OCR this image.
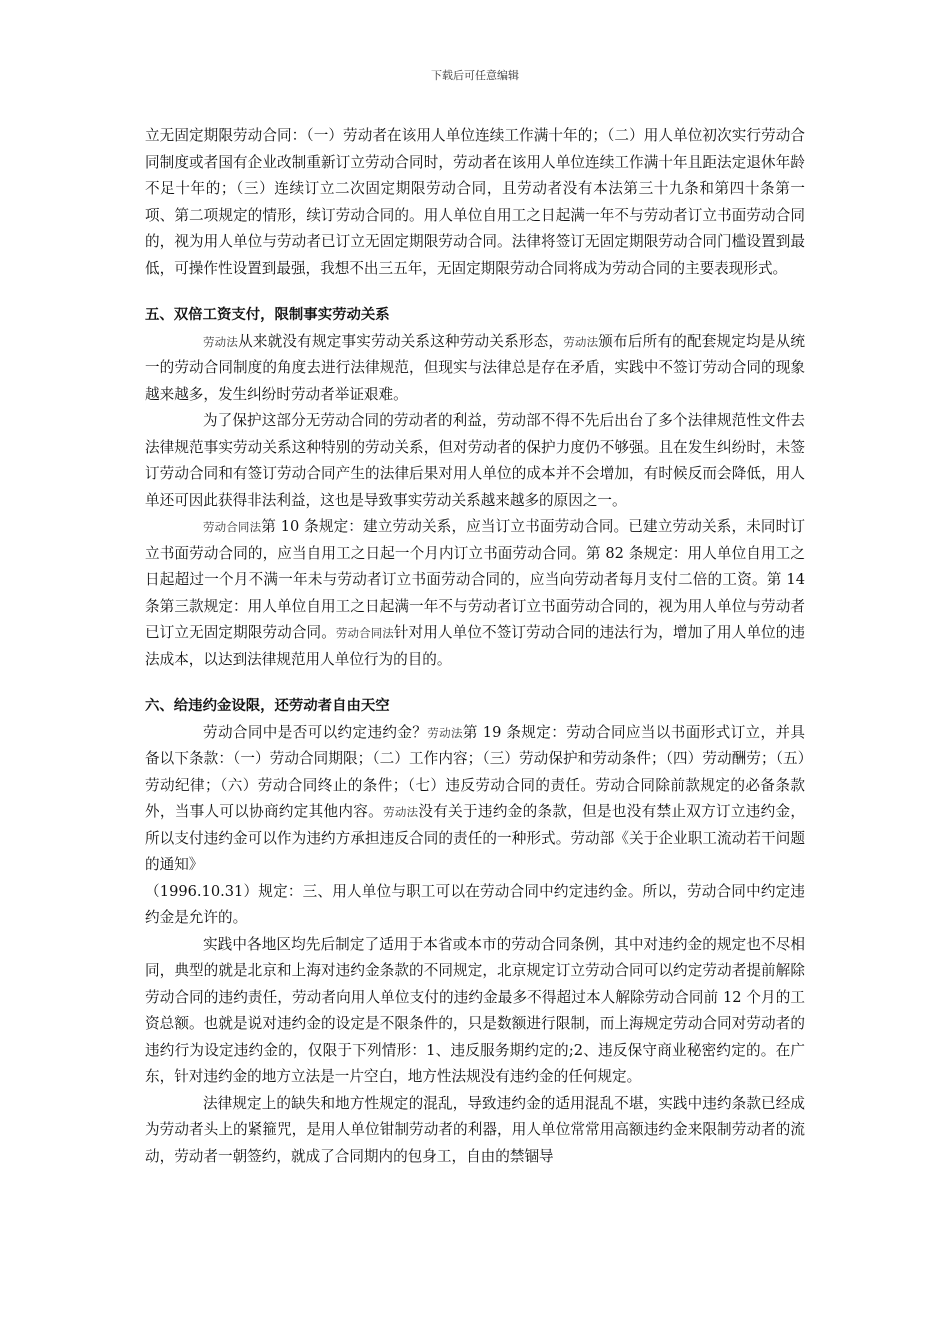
下载后可任意编辑

立无固定期限劳动合同：（一）劳动者在该用人单位连续工作满十年的；（二）用人单位初次实行劳动合同制度或者国有企业改制重新订立劳动合同时，劳动者在该用人单位连续工作满十年且距法定退休年龄不足十年的；（三）连续订立二次固定期限劳动合同，且劳动者没有本法第三十九条和第四十条第一项、第二项规定的情形，续订劳动合同的。用人单位自用工之日起满一年不与劳动者订立书面劳动合同的，视为用人单位与劳动者已订立无固定期限劳动合同。法律将签订无固定期限劳动合同门槛设置到最低，可操作性设置到最强，我想不出三五年，无固定期限劳动合同将成为劳动合同的主要表现形式。

五、双倍工资支付，限制事实劳动关系

劳动法从来就没有规定事实劳动关系这种劳动关系形态，劳动法颁布后所有的配套规定均是从统一的劳动合同制度的角度去进行法律规范，但现实与法律总是存在矛盾，实践中不签订劳动合同的现象越来越多，发生纠纷时劳动者举证艰难。

为了保护这部分无劳动合同的劳动者的利益，劳动部不得不先后出台了多个法律规范性文件去法律规范事实劳动关系这种特别的劳动关系，但对劳动者的保护力度仍不够强。且在发生纠纷时，未签订劳动合同和有签订劳动合同产生的法律后果对用人单位的成本并不会增加，有时候反而会降低，用人单还可因此获得非法利益，这也是导致事实劳动关系越来越多的原因之一。

劳动合同法第 10 条规定：建立劳动关系，应当订立书面劳动合同。已建立劳动关系，未同时订立书面劳动合同的，应当自用工之日起一个月内订立书面劳动合同。第 82 条规定：用人单位自用工之日起超过一个月不满一年未与劳动者订立书面劳动合同的，应当向劳动者每月支付二倍的工资。第 14 条第三款规定：用人单位自用工之日起满一年不与劳动者订立书面劳动合同的，视为用人单位与劳动者已订立无固定期限劳动合同。劳动合同法针对用人单位不签订劳动合同的违法行为，增加了用人单位的违法成本，以达到法律规范用人单位行为的目的。

六、给违约金设限，还劳动者自由天空

劳动合同中是否可以约定违约金？劳动法第 19 条规定：劳动合同应当以书面形式订立，并具备以下条款：（一）劳动合同期限；（二）工作内容；（三）劳动保护和劳动条件；（四）劳动酬劳；（五）劳动纪律；（六）劳动合同终止的条件；（七）违反劳动合同的责任。劳动合同除前款规定的必备条款外，当事人可以协商约定其他内容。劳动法没有关于违约金的条款，但是也没有禁止双方订立违约金，所以支付违约金可以作为违约方承担违反合同的责任的一种形式。劳动部《关于企业职工流动若干问题的通知》
（1996.10.31）规定：三、用人单位与职工可以在劳动合同中约定违约金。所以，劳动合同中约定违约金是允许的。

实践中各地区均先后制定了适用于本省或本市的劳动合同条例，其中对违约金的规定也不尽相同，典型的就是北京和上海对违约金条款的不同规定，北京规定订立劳动合同可以约定劳动者提前解除劳动合同的违约责任，劳动者向用人单位支付的违约金最多不得超过本人解除劳动合同前 12 个月的工资总额。也就是说对违约金的设定是不限条件的，只是数额进行限制，而上海规定劳动合同对劳动者的违约行为设定违约金的，仅限于下列情形：1、违反服务期约定的;2、违反保守商业秘密约定的。在广东，针对违约金的地方立法是一片空白，地方性法规没有违约金的任何规定。

法律规定上的缺失和地方性规定的混乱，导致违约金的适用混乱不堪，实践中违约条款已经成为劳动者头上的紧箍咒，是用人单位钳制劳动者的利器，用人单位常常用高额违约金来限制劳动者的流动，劳动者一朝签约，就成了合同期内的包身工，自由的禁锢导
